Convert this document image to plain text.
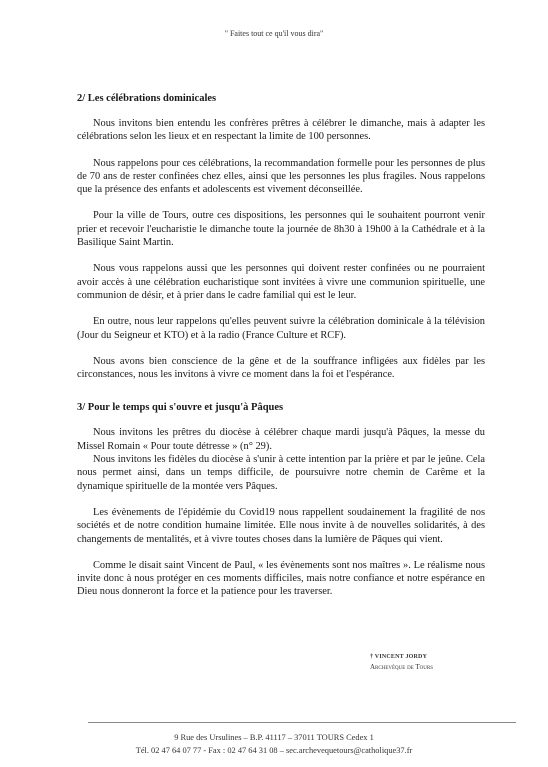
" Faites tout ce qu'il vous dira"
2/ Les célébrations dominicales

Nous invitons bien entendu les confrères prêtres à célébrer le dimanche, mais à adapter les célébrations selon les lieux et en respectant la limite de 100 personnes.

Nous rappelons pour ces célébrations, la recommandation formelle pour les personnes de plus de 70 ans de rester confinées chez elles, ainsi que les personnes les plus fragiles. Nous rappelons que la présence des enfants et adolescents est vivement déconseillée.

Pour la ville de Tours, outre ces dispositions, les personnes qui le souhaitent pourront venir prier et recevoir l'eucharistie le dimanche toute la journée de 8h30 à 19h00 à la Cathédrale et à la Basilique Saint Martin.

Nous vous rappelons aussi que les personnes qui doivent rester confinées ou ne pourraient avoir accès à une célébration eucharistique sont invitées à vivre une communion spirituelle, une communion de désir, et à prier dans le cadre familial qui est le leur.

En outre, nous leur rappelons qu'elles peuvent suivre la célébration dominicale à la télévision (Jour du Seigneur et KTO) et à la radio (France Culture et RCF).

Nous avons bien conscience de la gêne et de la souffrance infligées aux fidèles par les circonstances, nous les invitons à vivre ce moment dans la foi et l'espérance.

3/ Pour le temps qui s'ouvre et jusqu'à Pâques

Nous invitons les prêtres du diocèse à célébrer chaque mardi jusqu'à Pâques, la messe du Missel Romain « Pour toute détresse » (n° 29).

Nous invitons les fidèles du diocèse à s'unir à cette intention par la prière et par le jeûne. Cela nous permet ainsi, dans un temps difficile, de poursuivre notre chemin de Carême et la dynamique spirituelle de la montée vers Pâques.

Les évènements de l'épidémie du Covid19 nous rappellent soudainement la fragilité de nos sociétés et de notre condition humaine limitée. Elle nous invite à de nouvelles solidarités, à des changements de mentalités, et à vivre toutes choses dans la lumière de Pâques qui vient.

Comme le disait saint Vincent de Paul, « les évènements sont nos maîtres ». Le réalisme nous invite donc à nous protéger en ces moments difficiles, mais notre confiance et notre espérance en Dieu nous donneront la force et la patience pour les traverser.

† VINCENT JORDY
Archevêque de Tours
9 Rue des Ursulines – B.P. 41117 – 37011 TOURS Cedex 1
Tél. 02 47 64 07 77 - Fax : 02 47 64 31 08 – sec.archevequetours@catholique37.fr
